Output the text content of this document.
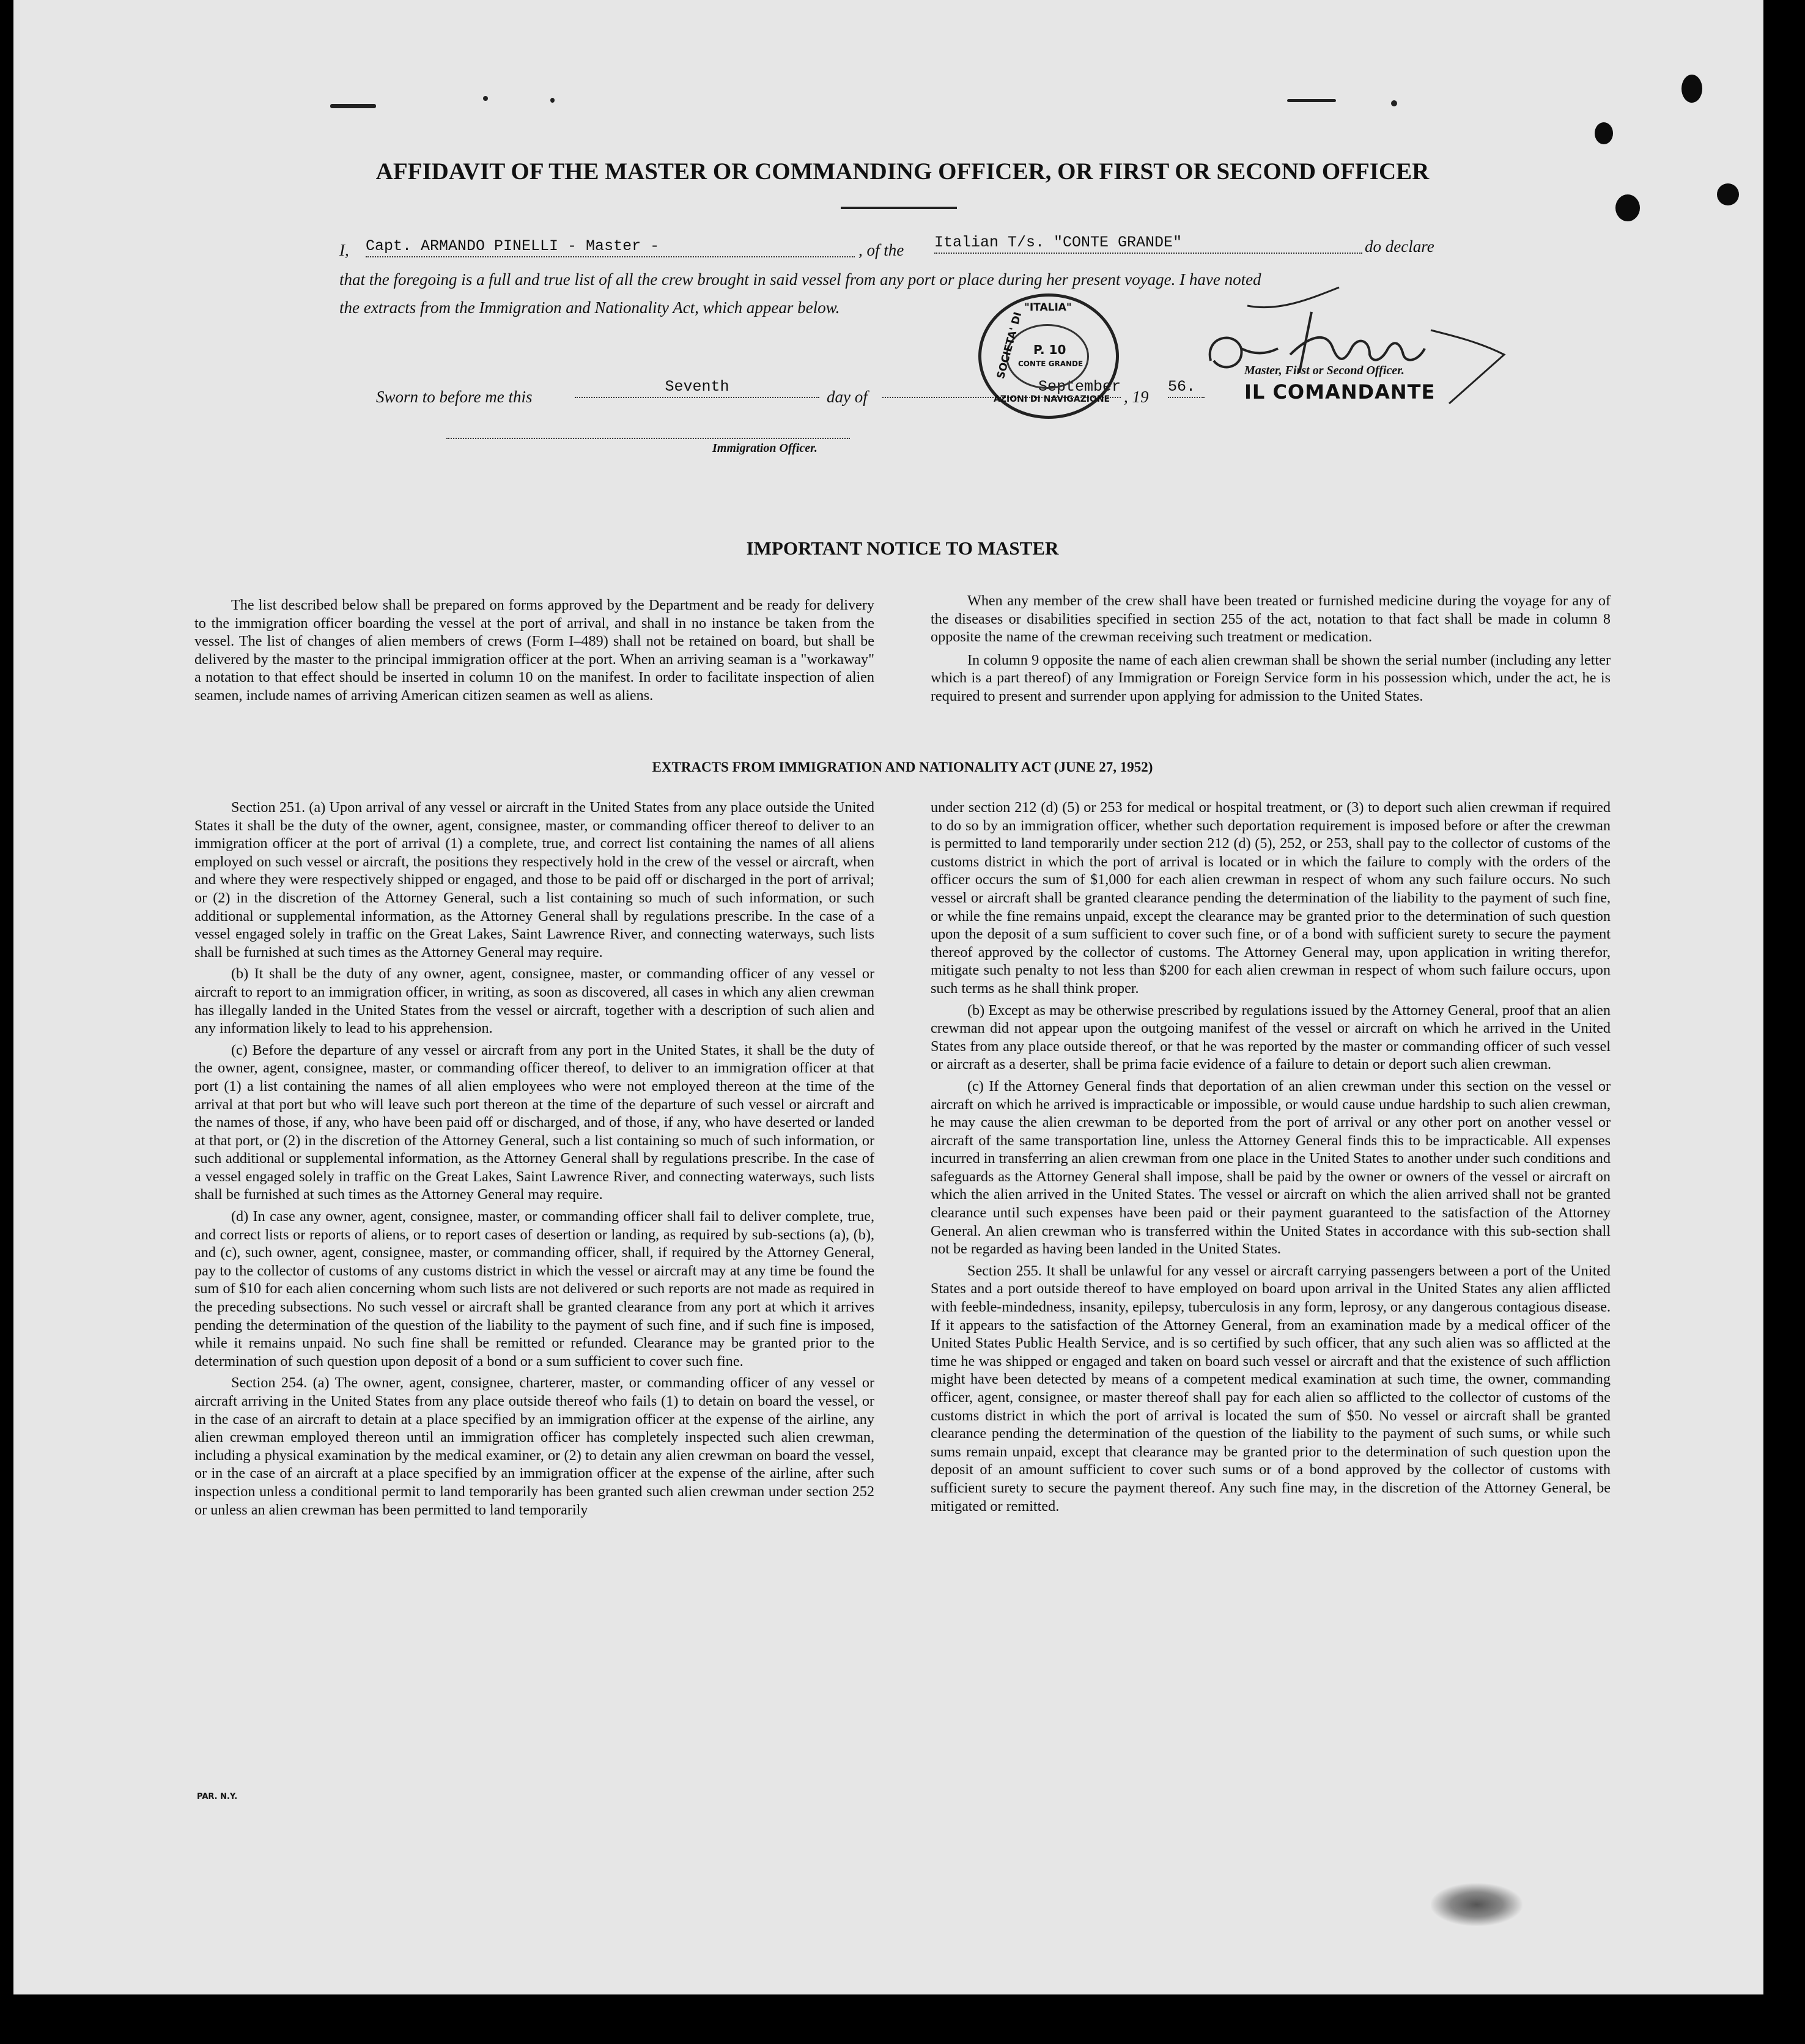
AFFIDAVIT OF THE MASTER OR COMMANDING OFFICER, OR FIRST OR SECOND OFFICER
I, Capt. ARMANDO PINELLI - Master -	, of the Italian T/s. "CONTE GRANDE"	do declare
that the foregoing is a full and true list of all the crew brought in said vessel from any port or place during her present voyage. I have noted
the extracts from the Immigration and Nationality Act, which appear below.
Sworn to before me this
Seventh
day of
September
, 19
56.
"ITALIA"
SOCIETA' DI
AZIONI DI NAVIGAZIONE
P. 10
CONTE GRANDE	Master, First or Second Officer.
IL COMANDANTE
Immigration Officer.
IMPORTANT NOTICE TO MASTER

The list described below shall be prepared on forms approved by the Department and be ready for delivery to the immigration officer boarding the vessel at the port of arrival, and shall in no instance be taken from the vessel. The list of changes of alien members of crews (Form I–489) shall not be retained on board, but shall be delivered by the master to the principal immigration officer at the port. When an arriving seaman is a "workaway" a notation to that effect should be inserted in column 10 on the manifest. In order to facilitate inspection of alien seamen, include names of arriving American citizen seamen as well as aliens.

When any member of the crew shall have been treated or furnished medicine during the voyage for any of the diseases or disabilities specified in section 255 of the act, notation to that fact shall be made in column 8 opposite the name of the crewman receiving such treatment or medication.

In column 9 opposite the name of each alien crewman shall be shown the serial number (including any letter which is a part thereof) of any Immigration or Foreign Service form in his possession which, under the act, he is required to present and surrender upon applying for admission to the United States.

EXTRACTS FROM IMMIGRATION AND NATIONALITY ACT (JUNE 27, 1952)

Section 251. (a) Upon arrival of any vessel or aircraft in the United States from any place outside the United States it shall be the duty of the owner, agent, consignee, master, or commanding officer thereof to deliver to an immigration officer at the port of arrival (1) a complete, true, and correct list containing the names of all aliens employed on such vessel or aircraft, the positions they respectively hold in the crew of the vessel or aircraft, when and where they were respectively shipped or engaged, and those to be paid off or discharged in the port of arrival; or (2) in the discretion of the Attorney General, such a list containing so much of such information, or such additional or supplemental information, as the Attorney General shall by regulations prescribe. In the case of a vessel engaged solely in traffic on the Great Lakes, Saint Lawrence River, and connecting waterways, such lists shall be furnished at such times as the Attorney General may require.

(b) It shall be the duty of any owner, agent, consignee, master, or commanding officer of any vessel or aircraft to report to an immigration officer, in writing, as soon as discovered, all cases in which any alien crewman has illegally landed in the United States from the vessel or aircraft, together with a description of such alien and any information likely to lead to his apprehension.

(c) Before the departure of any vessel or aircraft from any port in the United States, it shall be the duty of the owner, agent, consignee, master, or commanding officer thereof, to deliver to an immigration officer at that port (1) a list containing the names of all alien employees who were not employed thereon at the time of the arrival at that port but who will leave such port thereon at the time of the departure of such vessel or aircraft and the names of those, if any, who have been paid off or discharged, and of those, if any, who have deserted or landed at that port, or (2) in the discretion of the Attorney General, such a list containing so much of such information, or such additional or supplemental information, as the Attorney General shall by regulations prescribe. In the case of a vessel engaged solely in traffic on the Great Lakes, Saint Lawrence River, and connecting waterways, such lists shall be furnished at such times as the Attorney General may require.

(d) In case any owner, agent, consignee, master, or commanding officer shall fail to deliver complete, true, and correct lists or reports of aliens, or to report cases of desertion or landing, as required by sub-sections (a), (b), and (c), such owner, agent, consignee, master, or commanding officer, shall, if required by the Attorney General, pay to the collector of customs of any customs district in which the vessel or aircraft may at any time be found the sum of $10 for each alien concerning whom such lists are not delivered or such reports are not made as required in the preceding subsections. No such vessel or aircraft shall be granted clearance from any port at which it arrives pending the determination of the question of the liability to the payment of such fine, and if such fine is imposed, while it remains unpaid. No such fine shall be remitted or refunded. Clearance may be granted prior to the determination of such question upon deposit of a bond or a sum sufficient to cover such fine.

Section 254. (a) The owner, agent, consignee, charterer, master, or commanding officer of any vessel or aircraft arriving in the United States from any place outside thereof who fails (1) to detain on board the vessel, or in the case of an aircraft to detain at a place specified by an immigration officer at the expense of the airline, any alien crewman employed thereon until an immigration officer has completely inspected such alien crewman, including a physical examination by the medical examiner, or (2) to detain any alien crewman on board the vessel, or in the case of an aircraft at a place specified by an immigration officer at the expense of the airline, after such inspection unless a conditional permit to land temporarily has been granted such alien crewman under section 252 or unless an alien crewman has been permitted to land temporarily

under section 212 (d) (5) or 253 for medical or hospital treatment, or (3) to deport such alien crewman if required to do so by an immigration officer, whether such deportation requirement is imposed before or after the crewman is permitted to land temporarily under section 212 (d) (5), 252, or 253, shall pay to the collector of customs of the customs district in which the port of arrival is located or in which the failure to comply with the orders of the officer occurs the sum of $1,000 for each alien crewman in respect of whom any such failure occurs. No such vessel or aircraft shall be granted clearance pending the determination of the liability to the payment of such fine, or while the fine remains unpaid, except the clearance may be granted prior to the determination of such question upon the deposit of a sum sufficient to cover such fine, or of a bond with sufficient surety to secure the payment thereof approved by the collector of customs. The Attorney General may, upon application in writing therefor, mitigate such penalty to not less than $200 for each alien crewman in respect of whom such failure occurs, upon such terms as he shall think proper.

(b) Except as may be otherwise prescribed by regulations issued by the Attorney General, proof that an alien crewman did not appear upon the outgoing manifest of the vessel or aircraft on which he arrived in the United States from any place outside thereof, or that he was reported by the master or commanding officer of such vessel or aircraft as a deserter, shall be prima facie evidence of a failure to detain or deport such alien crewman.

(c) If the Attorney General finds that deportation of an alien crewman under this section on the vessel or aircraft on which he arrived is impracticable or impossible, or would cause undue hardship to such alien crewman, he may cause the alien crewman to be deported from the port of arrival or any other port on another vessel or aircraft of the same transportation line, unless the Attorney General finds this to be impracticable. All expenses incurred in transferring an alien crewman from one place in the United States to another under such conditions and safeguards as the Attorney General shall impose, shall be paid by the owner or owners of the vessel or aircraft on which the alien arrived in the United States. The vessel or aircraft on which the alien arrived shall not be granted clearance until such expenses have been paid or their payment guaranteed to the satisfaction of the Attorney General. An alien crewman who is transferred within the United States in accordance with this sub-section shall not be regarded as having been landed in the United States.

Section 255. It shall be unlawful for any vessel or aircraft carrying passengers between a port of the United States and a port outside thereof to have employed on board upon arrival in the United States any alien afflicted with feeble-mindedness, insanity, epilepsy, tuberculosis in any form, leprosy, or any dangerous contagious disease. If it appears to the satisfaction of the Attorney General, from an examination made by a medical officer of the United States Public Health Service, and is so certified by such officer, that any such alien was so afflicted at the time he was shipped or engaged and taken on board such vessel or aircraft and that the existence of such affliction might have been detected by means of a competent medical examination at such time, the owner, commanding officer, agent, consignee, or master thereof shall pay for each alien so afflicted to the collector of customs of the customs district in which the port of arrival is located the sum of $50. No vessel or aircraft shall be granted clearance pending the determination of the question of the liability to the payment of such sums, or while such sums remain unpaid, except that clearance may be granted prior to the determination of such question upon the deposit of an amount sufficient to cover such sums or of a bond approved by the collector of customs with sufficient surety to secure the payment thereof. Any such fine may, in the discretion of the Attorney General, be mitigated or remitted.

PAR. N.Y.
